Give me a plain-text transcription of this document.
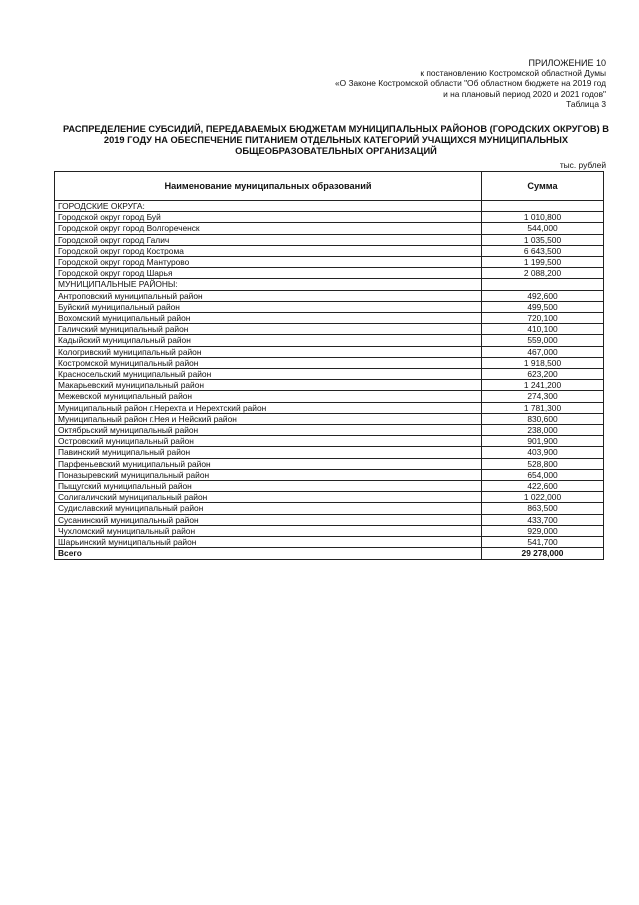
ПРИЛОЖЕНИЕ 10
к постановлению Костромской областной Думы
«О Законе Костромской области "Об областном бюджете на 2019 год
и на плановый период 2020 и 2021 годов"
Таблица 3
РАСПРЕДЕЛЕНИЕ СУБСИДИЙ, ПЕРЕДАВАЕМЫХ БЮДЖЕТАМ МУНИЦИПАЛЬНЫХ РАЙОНОВ (ГОРОДСКИХ ОКРУГОВ) В 2019 ГОДУ НА ОБЕСПЕЧЕНИЕ ПИТАНИЕМ ОТДЕЛЬНЫХ КАТЕГОРИЙ УЧАЩИХСЯ МУНИЦИПАЛЬНЫХ ОБЩЕОБРАЗОВАТЕЛЬНЫХ ОРГАНИЗАЦИЙ
тыс. рублей
Наименование муниципальных образований	Сумма
ГОРОДСКИЕ ОКРУГА:	
Городской округ город Буй	1 010,800
Городской округ город Волгореченск	544,000
Городской округ город Галич	1 035,500
Городской округ город Кострома	6 643,500
Городской округ город Мантурово	1 199,500
Городской округ город Шарья	2 088,200
МУНИЦИПАЛЬНЫЕ РАЙОНЫ:	
Антроповский муниципальный район	492,600
Буйский муниципальный район	499,500
Вохомский муниципальный район	720,100
Галичский муниципальный район	410,100
Кадыйский муниципальный район	559,000
Кологривский муниципальный район	467,000
Костромской муниципальный район	1 918,500
Красносельский муниципальный район	623,200
Макарьевский муниципальный район	1 241,200
Межевской муниципальный район	274,300
Муниципальный район г.Нерехта и Нерехтский район	1 781,300
Муниципальный район г.Нея и Нейский район	830,600
Октябрьский муниципальный район	238,000
Островский муниципальный район	901,900
Павинский муниципальный район	403,900
Парфеньевский муниципальный район	528,800
Поназыревский муниципальный район	654,000
Пыщугский муниципальный район	422,600
Солигаличский муниципальный район	1 022,000
Судиславский муниципальный район	863,500
Сусанинский муниципальный район	433,700
Чухломский муниципальный район	929,000
Шарьинский муниципальный район	541,700
Всего	29 278,000
